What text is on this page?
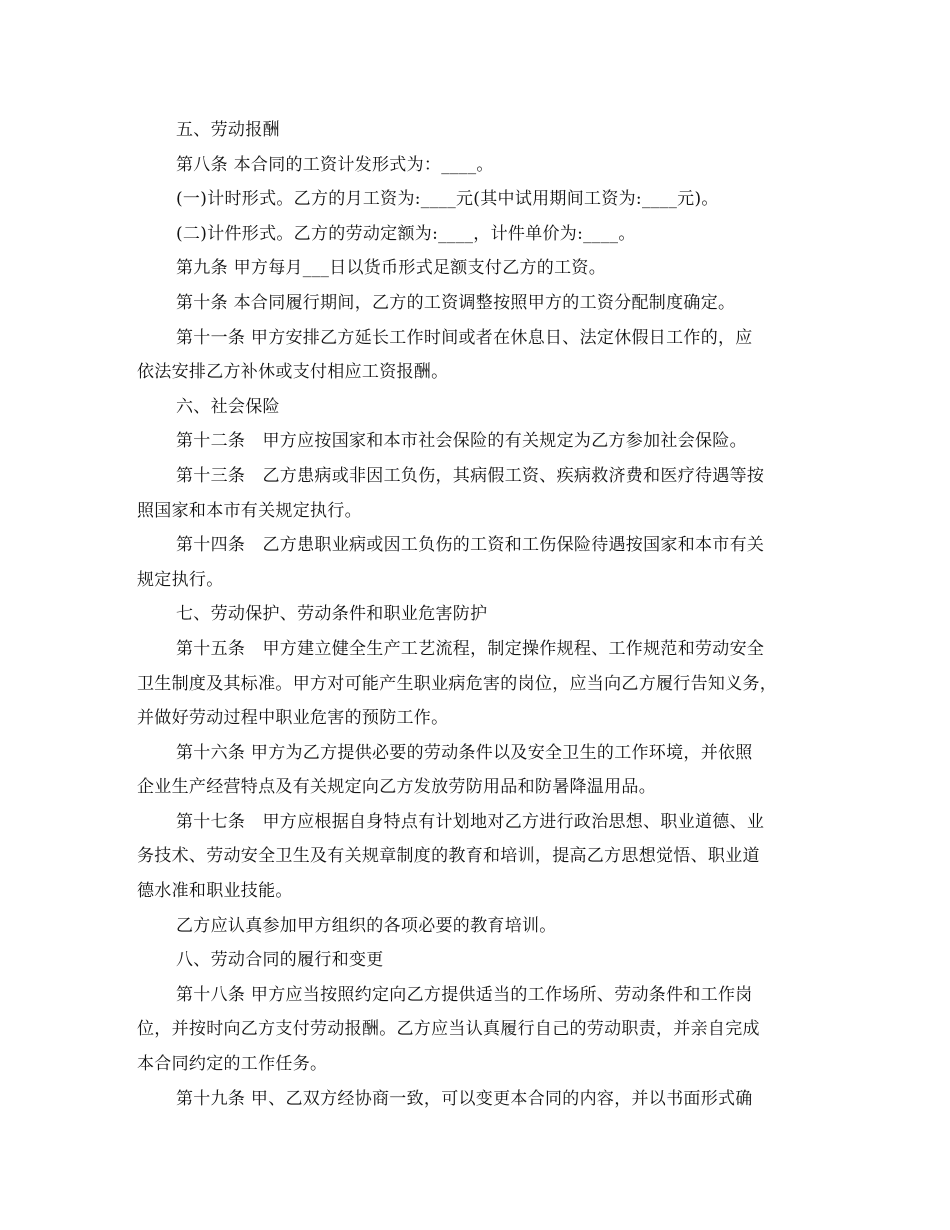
五、劳动报酬
第八条 本合同的工资计发形式为：____。
(一)计时形式。乙方的月工资为:____元(其中试用期间工资为:____元)。
(二)计件形式。乙方的劳动定额为:____，计件单价为:____。
第九条 甲方每月___日以货币形式足额支付乙方的工资。
第十条 本合同履行期间，乙方的工资调整按照甲方的工资分配制度确定。
第十一条 甲方安排乙方延长工作时间或者在休息日、法定休假日工作的，应
依法安排乙方补休或支付相应工资报酬。
六、社会保险
第十二条　甲方应按国家和本市社会保险的有关规定为乙方参加社会保险。
第十三条　乙方患病或非因工负伤，其病假工资、疾病救济费和医疗待遇等按
照国家和本市有关规定执行。
第十四条　乙方患职业病或因工负伤的工资和工伤保险待遇按国家和本市有关
规定执行。
七、劳动保护、劳动条件和职业危害防护
第十五条　甲方建立健全生产工艺流程，制定操作规程、工作规范和劳动安全
卫生制度及其标准。甲方对可能产生职业病危害的岗位，应当向乙方履行告知义务，
并做好劳动过程中职业危害的预防工作。
第十六条 甲方为乙方提供必要的劳动条件以及安全卫生的工作环境，并依照
企业生产经营特点及有关规定向乙方发放劳防用品和防暑降温用品。
第十七条　甲方应根据自身特点有计划地对乙方进行政治思想、职业道德、业
务技术、劳动安全卫生及有关规章制度的教育和培训，提高乙方思想觉悟、职业道
德水准和职业技能。
乙方应认真参加甲方组织的各项必要的教育培训。
八、劳动合同的履行和变更
第十八条 甲方应当按照约定向乙方提供适当的工作场所、劳动条件和工作岗
位，并按时向乙方支付劳动报酬。乙方应当认真履行自己的劳动职责，并亲自完成
本合同约定的工作任务。
第十九条 甲、乙双方经协商一致，可以变更本合同的内容，并以书面形式确
